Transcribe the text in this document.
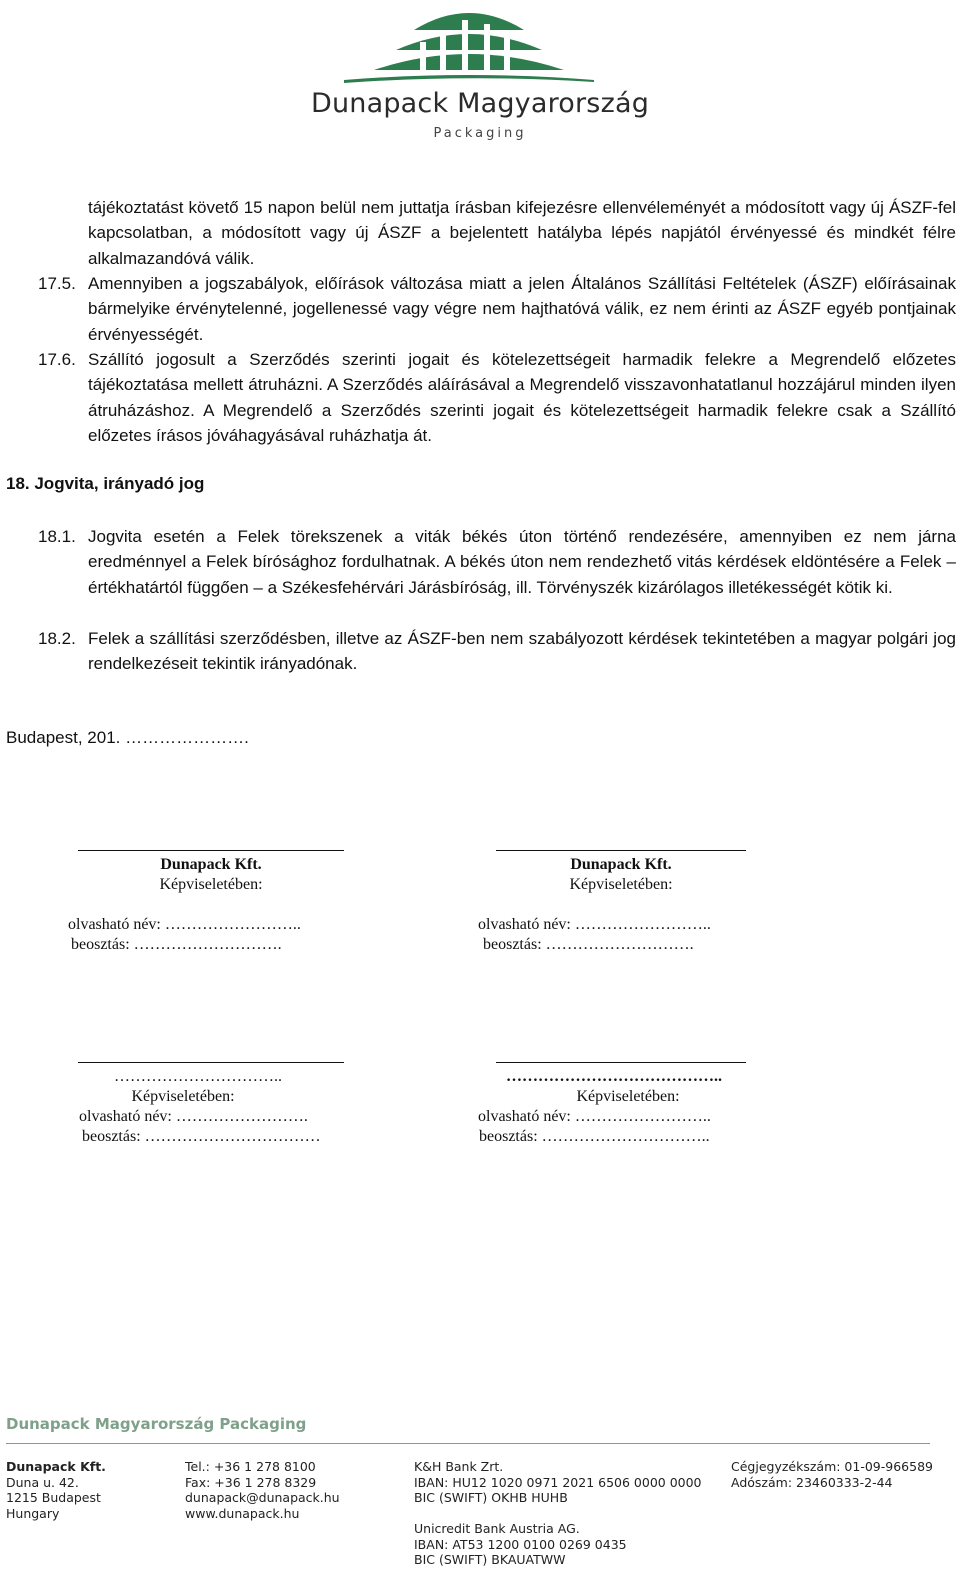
Dunapack Magyarország
Packaging
tájékoztatást követő 15 napon belül nem juttatja írásban kifejezésre ellenvéleményét a módosított vagy új ÁSZF-fel kapcsolatban, a módosított vagy új ÁSZF a bejelentett hatályba lépés napjától érvényessé és mindkét félre alkalmazandóvá válik.
17.5. Amennyiben a jogszabályok, előírások változása miatt a jelen Általános Szállítási Feltételek (ÁSZF) előírásainak bármelyike érvénytelenné, jogellenessé vagy végre nem hajthatóvá válik, ez nem érinti az ÁSZF egyéb pontjainak érvényességét.
17.6. Szállító jogosult a Szerződés szerinti jogait és kötelezettségeit harmadik felekre a Megrendelő előzetes tájékoztatása mellett átruházni. A Szerződés aláírásával a Megrendelő visszavonhatatlanul hozzájárul minden ilyen átruházáshoz. A Megrendelő a Szerződés szerinti jogait és kötelezettségeit harmadik felekre csak a Szállító előzetes írásos jóváhagyásával ruházhatja át.
18. Jogvita, irányadó jog
18.1. Jogvita esetén a Felek törekszenek a viták békés úton történő rendezésére, amennyiben ez nem járna eredménnyel a Felek bírósághoz fordulhatnak. A békés úton nem rendezhető vitás kérdések eldöntésére a Felek – értékhatártól függően – a Székesfehérvári Járásbíróság, ill. Törvényszék kizárólagos illetékességét kötik ki.
18.2. Felek a szállítási szerződésben, illetve az ÁSZF-ben nem szabályozott kérdések tekintetében a magyar polgári jog rendelkezéseit tekintik irányadónak.
Budapest, 201. ………………….
Dunapack Kft.
Képviseletében:
olvasható név: ……………………..
beosztás: ……………………….
Dunapack Kft.
Képviseletében:
olvasható név: ……………………..
beosztás: ……………………….
…………………………..
Képviseletében:
olvasható név: …………………….
beosztás: ……………………………
…………………………………..
Képviseletében:
olvasható név: ……………………..
beosztás: …………………………..
Dunapack Magyarország Packaging
Dunapack Kft.
Duna u. 42.
1215 Budapest
Hungary
Tel.: +36 1 278 8100
Fax: +36 1 278 8329
dunapack@dunapack.hu
www.dunapack.hu
K&H Bank Zrt.
IBAN: HU12 1020 0971 2021 6506 0000 0000
BIC (SWIFT) OKHB HUHB

Unicredit Bank Austria AG.
IBAN: AT53 1200 0100 0269 0435
BIC (SWIFT) BKAUATWW
Cégjegyzékszám: 01-09-966589
Adószám: 23460333-2-44
